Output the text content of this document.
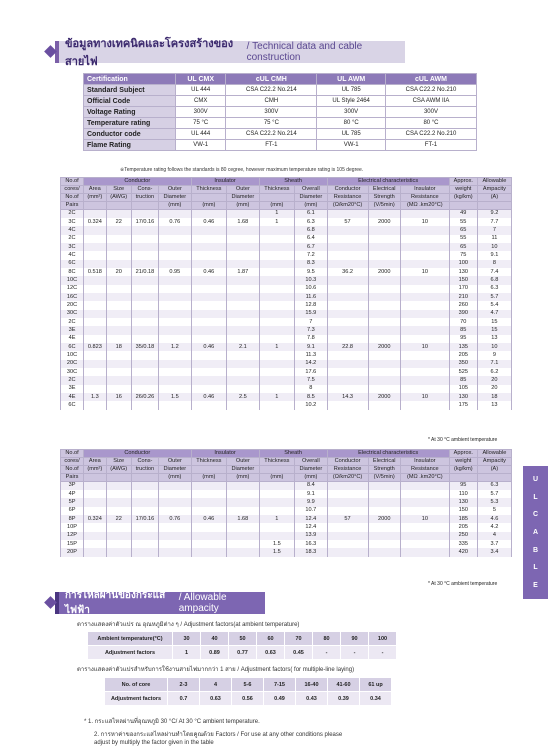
ข้อมูลทางเทคนิคและโครงสร้างของสายไฟ
/ Technical data and cable construction
Certification	UL CMX	cUL CMH	UL AWM	cUL AWM
Standard Subject	UL 444	CSA C22.2 No.214	UL 785	CSA C22.2 No.210
Official Code	CMX	CMH	UL Style 2464	CSA AWM IIA
Voltage Rating	300V	300V	300V	300V
Temperature rating	75 °C	75 °C	80 °C	80 °C
Conductor code	UL 444	CSA C22.2 No.214	UL 785	CSA C22.2 No.210
Flame Rating	VW-1	FT-1	VW-1	FT-1
※Temperature rating follows the standards is 80 cegree, however maximum temperature rating is 105 degree.
No.of	Conductor				Insulator		Sheath		Electrical characteristics			Approx.	Allowable
cores/	Area	Size	Cons-	Outer	Thickness	Outer	Thickness	Overall	Conductor	Electrical	Insulator	weight	Ampacity
No.of	(mm²)	(AWG)	truction	Diameter		Diameter		Diameter	Resistance	Strength	Resistance	(kg/km)	(A)
Pairs				(mm)	(mm)	(mm)	(mm)	(mm)	(Ω/km20°C)	(V/5min)	(MΩ .km20°C)		
2C							1	6.1				49	9.2
3C	0.324	22	17/0.16	0.76	0.46	1.68	1	6.3	57	2000	10	55	7.7
4C								6.8				65	7
2C								6.4				55	11
3C								6.7				65	10
4C								7.2				75	9.1
6C								8.3				100	8
8C	0.518	20	21/0.18	0.95	0.46	1.87		9.5	36.2	2000	10	130	7.4
10C								10.3				150	6.8
12C								10.6				170	6.3
16C								11.6				210	5.7
20C								12.8				260	5.4
30C								15.9				390	4.7
2C								7				70	15
3E								7.3				85	15
4E								7.8				95	13
6C	0.823	18	35/0.18	1.2	0.46	2.1	1	9.1	22.8	2000	10	135	10
10C								11.3				205	9
20C								14.2				350	7.1
30C								17.6				525	6.2
2C								7.5				85	20
3E								8				105	20
4E	1.3	16	26/0.26	1.5	0.46	2.5	1	8.5	14.3	2000	10	130	18
6C								10.2				175	13
* At 30 °C ambient temperature
No.of	Conductor				Insulator		Sheath		Electrical characteristics			Approx.	Allowable
cores/	Area	Size	Cons-	Outer	Thickness	Outer	Thickness	Overall	Conductor	Electrical	Insulator	weight	Ampacity
No.of	(mm²)	(AWG)	truction	Diameter		Diameter		Diameter	Resistance	Strength	Resistance	(kg/km)	(A)
Pairs				(mm)	(mm)	(mm)	(mm)	(mm)	(Ω/km20°C)	(V/5min)	(MΩ .km20°C)		
3P								8.4				95	6.3
4P								9.1				110	5.7
5P								9.9				130	5.3
6P								10.7				150	5
8P	0.324	22	17/0.16	0.76	0.46	1.68	1	12.4	57	2000	10	185	4.6
10P								12.4				205	4.2
12P								13.9				250	4
15P							1.5	16.3				335	3.7
20P							1.5	18.3				420	3.4
* At 30 °C ambient temperature
U
L
C
A
B
L
E
การไหลผ่านของกระแสไฟฟ้า
/ Allowable ampacity
ตารางแสดงค่าตัวแปร ณ อุณหภูมิต่าง ๆ / Adjustment factors(at ambient temperature)
Ambient temperature(°C)	30	40	50	60	70	80	90	100
Adjustment factors	1	0.89	0.77	0.63	0.45	-	-	-
ตารางแสดงค่าตัวแปรสำหรับการใช้งานสายไฟมากกว่า 1 สาย / Adjustment factors( for multiple-line laying)
No. of core	2-3	4	5-6	7-15	16-40	41-60	61 up
Adjustment factors	0.7	0.63	0.56	0.49	0.43	0.39	0.34
* 1. กระแสไหลผ่านที่อุณหภูมิ 30 °C/ At 30 °C ambient temperature.
2. การหาค่าของกระแสไหลผ่านทำโดยคูณด้วย Factors / For use at any other conditions please
adjust by multiply the factor given in the table
